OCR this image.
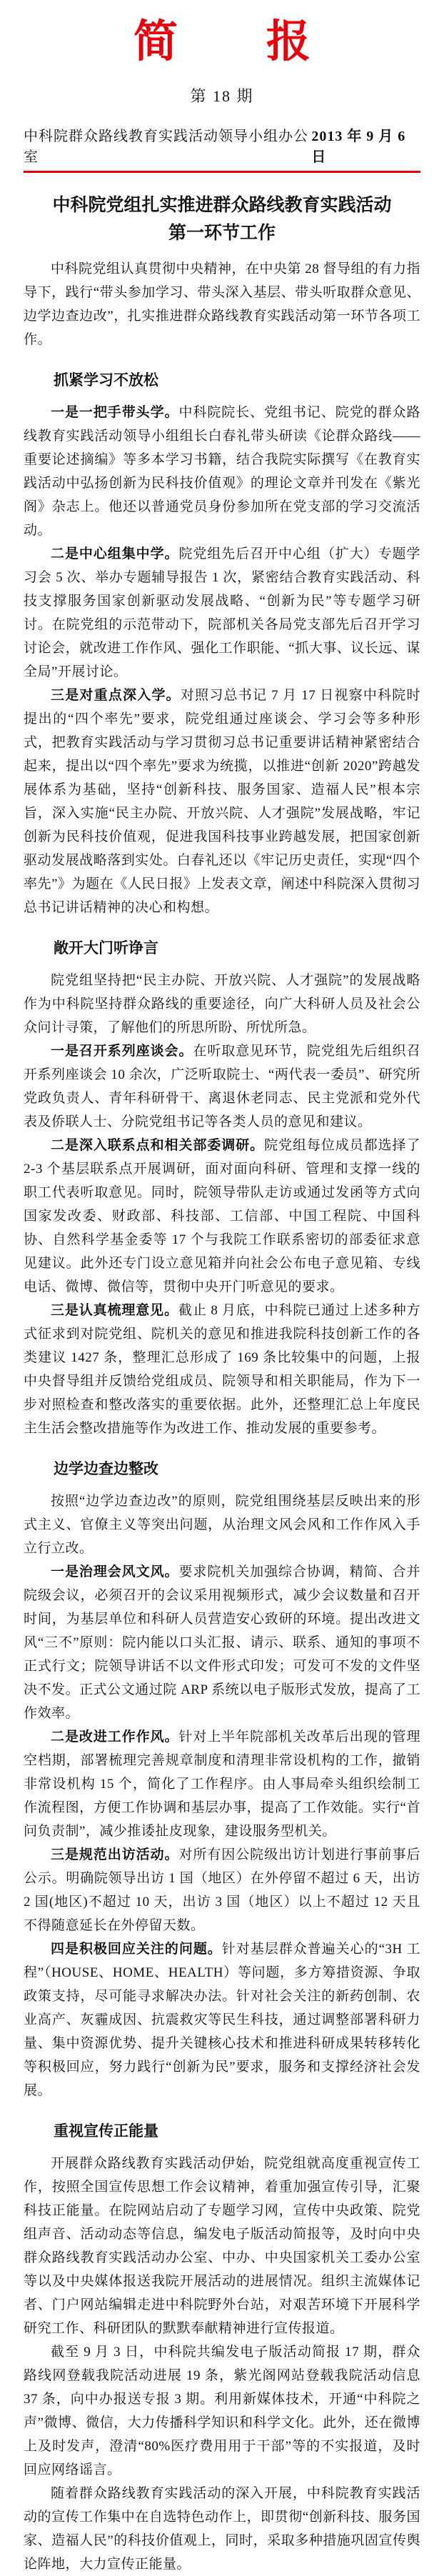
简　　报
第 18 期
中科院群众路线教育实践活动领导小组办公室
2013 年 9 月 6 日
中科院党组扎实推进群众路线教育实践活动
第一环节工作

中科院党组认真贯彻中央精神，在中央第 28 督导组的有力指导下，践行“带头参加学习、带头深入基层、带头听取群众意见、边学边查边改”，扎实推进群众路线教育实践活动第一环节各项工作。

抓紧学习不放松

一是一把手带头学。中科院院长、党组书记、院党的群众路线教育实践活动领导小组组长白春礼带头研读《论群众路线——重要论述摘编》等多本学习书籍，结合我院实际撰写《在教育实践活动中弘扬创新为民科技价值观》的理论文章并刊发在《紫光阁》杂志上。他还以普通党员身份参加所在党支部的学习交流活动。

二是中心组集中学。院党组先后召开中心组（扩大）专题学习会 5 次、举办专题辅导报告 1 次，紧密结合教育实践活动、科技支撑服务国家创新驱动发展战略、“创新为民”等专题学习研讨。在院党组的示范带动下，院部机关各局党支部先后召开学习讨论会，就改进工作作风、强化工作职能、“抓大事、议长远、谋全局”开展讨论。

三是对重点深入学。对照习总书记 7 月 17 日视察中科院时提出的“四个率先”要求，院党组通过座谈会、学习会等多种形式，把教育实践活动与学习贯彻习总书记重要讲话精神紧密结合起来，提出以“四个率先”要求为统揽，以推进“创新 2020”跨越发展体系为基础，坚持“创新科技、服务国家、造福人民”根本宗旨，深入实施“民主办院、开放兴院、人才强院”发展战略，牢记创新为民科技价值观，促进我国科技事业跨越发展，把国家创新驱动发展战略落到实处。白春礼还以《牢记历史责任，实现“四个率先”》为题在《人民日报》上发表文章，阐述中科院深入贯彻习总书记讲话精神的决心和构想。

敞开大门听诤言

院党组坚持把“民主办院、开放兴院、人才强院”的发展战略作为中科院坚持群众路线的重要途径，向广大科研人员及社会公众问计寻策，了解他们的所思所盼、所忧所急。

一是召开系列座谈会。在听取意见环节，院党组先后组织召开系列座谈会 10 余次，广泛听取院士、“两代表一委员”、研究所党政负责人、青年科研骨干、离退休老同志、民主党派和党外代表及侨联人士、分院党组书记等各类人员的意见和建议。

二是深入联系点和相关部委调研。院党组每位成员都选择了 2-3 个基层联系点开展调研，面对面向科研、管理和支撑一线的职工代表听取意见。同时，院领导带队走访或通过发函等方式向国家发改委、财政部、科技部、工信部、中国工程院、中国科协、自然科学基金委等 17 个与我院工作联系密切的部委征求意见建议。此外还专门设立意见箱并向社会公布电子意见箱、专线电话、微博、微信等，贯彻中央开门听意见的要求。

三是认真梳理意见。截止 8 月底，中科院已通过上述多种方式征求到对院党组、院机关的意见和推进我院科技创新工作的各类建议 1427 条，整理汇总形成了 169 条比较集中的问题，上报中央督导组并反馈给党组成员、院领导和相关职能局，作为下一步对照检查和整改落实的重要依据。此外，还整理汇总上年度民主生活会整改措施等作为改进工作、推动发展的重要参考。

边学边查边整改

按照“边学边查边改”的原则，院党组围绕基层反映出来的形式主义、官僚主义等突出问题，从治理文风会风和工作作风入手立行立改。

一是治理会风文风。要求院机关加强综合协调，精简、合并院级会议，必须召开的会议采用视频形式，减少会议数量和召开时间，为基层单位和科研人员营造安心致研的环境。提出改进文风“三不”原则：院内能以口头汇报、请示、联系、通知的事项不正式行文；院领导讲话不以文件形式印发；可发可不发的文件坚决不发。正式公文通过院 ARP 系统以电子版形式发放，提高了工作效率。

二是改进工作作风。针对上半年院部机关改革后出现的管理空档期，部署梳理完善规章制度和清理非常设机构的工作，撤销非常设机构 15 个，简化了工作程序。由人事局牵头组织绘制工作流程图，方便工作协调和基层办事，提高了工作效能。实行“首问负责制”，减少推诿扯皮现象，建设服务型机关。

三是规范出访活动。对所有因公院级出访计划进行事前事后公示。明确院领导出访 1 国（地区）在外停留不超过 6 天，出访 2 国(地区)不超过 10 天，出访 3 国（地区）以上不超过 12 天且不得随意延长在外停留天数。

四是积极回应关注的问题。针对基层群众普遍关心的“3H 工程”（HOUSE、HOME、HEALTH）等问题，多方筹措资源、争取政策支持，尽可能寻求解决办法。针对社会关注的新药创制、农业高产、灰霾成因、抗震救灾等民生科技，通过调整部署科研力量、集中资源优势、提升关键核心技术和推进科研成果转移转化等积极回应，努力践行“创新为民”要求，服务和支撑经济社会发展。

重视宣传正能量

开展群众路线教育实践活动伊始，院党组就高度重视宣传工作，按照全国宣传思想工作会议精神，着重加强宣传引导，汇聚科技正能量。在院网站启动了专题学习网，宣传中央政策、院党组声音、活动动态等信息，编发电子版活动简报等，及时向中央群众路线教育实践活动办公室、中办、中央国家机关工委办公室等以及中央媒体报送我院开展活动的进展情况。组织主流媒体记者、门户网站编辑走进中科院野外台站，对艰苦环境下开展科学研究工作、科研团队的默默奉献精神进行宣传报道。

截至 9 月 3 日，中科院共编发电子版活动简报 17 期，群众路线网登载我院活动进展 19 条，紫光阁网站登载我院活动信息 37 条，向中办报送专报 3 期。利用新媒体技术，开通“中科院之声”微博、微信，大力传播科学知识和科学文化。此外，还在微博上及时发声，澄清“80%医疗费用用于干部”等的不实报道，及时回应网络谣言。

随着群众路线教育实践活动的深入开展，中科院教育实践活动的宣传工作集中在自选特色动作上，即贯彻“创新科技、服务国家、造福人民”的科技价值观上，同时，采取多种措施巩固宣传舆论阵地，大力宣传正能量。
